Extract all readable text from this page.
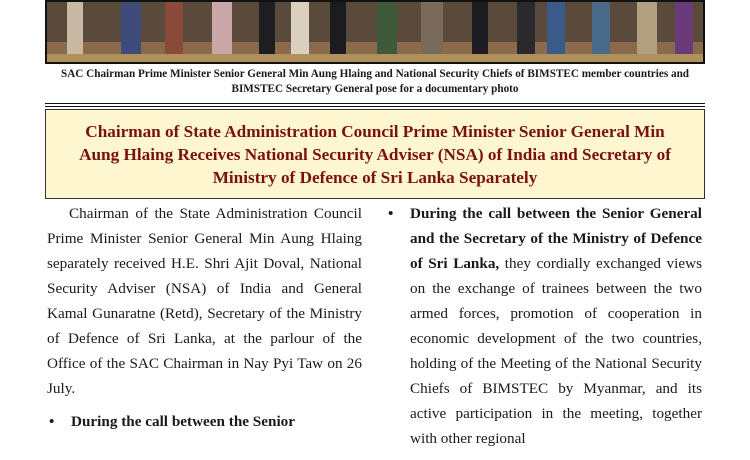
SAC Chairman Prime Minister Senior General Min Aung Hlaing and National Security Chiefs of BIMSTEC member countries and BIMSTEC Secretary General pose for a documentary photo
Chairman of State Administration Council Prime Minister Senior General Min Aung Hlaing Receives National Security Adviser (NSA) of India and Secretary of Ministry of Defence of Sri Lanka Separately

Chairman of the State Administration Council Prime Minister Senior General Min Aung Hlaing separately received H.E. Shri Ajit Doval, National Security Adviser (NSA) of India and General Kamal Gunaratne (Retd), Secretary of the Ministry of Defence of Sri Lanka, at the parlour of the Office of the SAC Chairman in Nay Pyi Taw on 26 July.

• During the call between the Senior

• During the call between the Senior General and the Secretary of the Ministry of Defence of Sri Lanka, they cordially exchanged views on the exchange of trainees between the two armed forces, promotion of cooperation in economic development of the two countries, holding of the Meeting of the National Security Chiefs of BIMSTEC by Myanmar, and its active participation in the meeting, together with other regional
